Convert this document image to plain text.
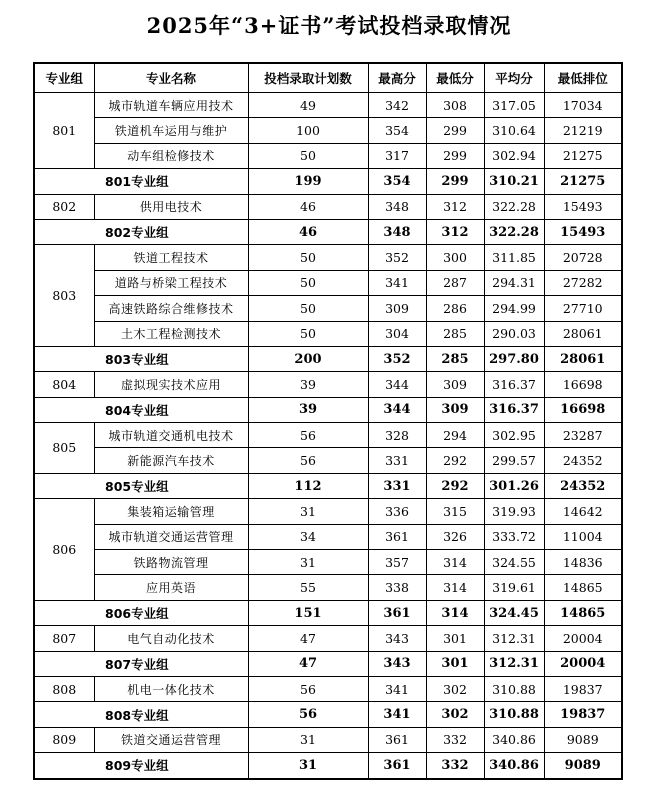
2025年“3+证书”考试投档录取情况
专业组	专业名称	投档录取计划数	最高分	最低分	平均分	最低排位
801	城市轨道车辆应用技术	49	342	308	317.05	17034
	铁道机车运用与维护	100	354	299	310.64	21219
	动车组检修技术	50	317	299	302.94	21275
801专业组		199	354	299	310.21	21275
802	供用电技术	46	348	312	322.28	15493
802专业组		46	348	312	322.28	15493
803	铁道工程技术	50	352	300	311.85	20728
	道路与桥梁工程技术	50	341	287	294.31	27282
	高速铁路综合维修技术	50	309	286	294.99	27710
	土木工程检测技术	50	304	285	290.03	28061
803专业组		200	352	285	297.80	28061
804	虚拟现实技术应用	39	344	309	316.37	16698
804专业组		39	344	309	316.37	16698
805	城市轨道交通机电技术	56	328	294	302.95	23287
	新能源汽车技术	56	331	292	299.57	24352
805专业组		112	331	292	301.26	24352
806	集装箱运输管理	31	336	315	319.93	14642
	城市轨道交通运营管理	34	361	326	333.72	11004
	铁路物流管理	31	357	314	324.55	14836
	应用英语	55	338	314	319.61	14865
806专业组		151	361	314	324.45	14865
807	电气自动化技术	47	343	301	312.31	20004
807专业组		47	343	301	312.31	20004
808	机电一体化技术	56	341	302	310.88	19837
808专业组		56	341	302	310.88	19837
809	铁道交通运营管理	31	361	332	340.86	9089
809专业组		31	361	332	340.86	9089
